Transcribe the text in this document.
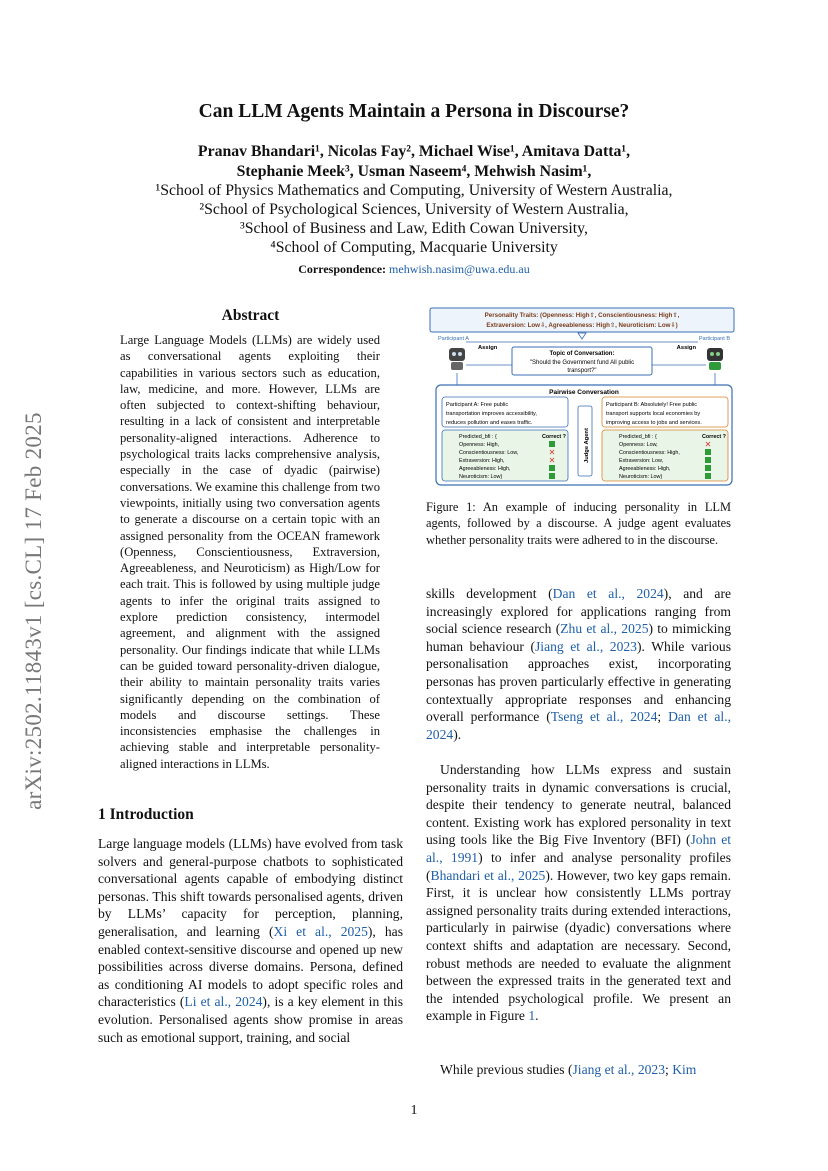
arXiv:2502.11843v1 [cs.CL] 17 Feb 2025
Can LLM Agents Maintain a Persona in Discourse?
Pranav Bhandari¹, Nicolas Fay², Michael Wise¹, Amitava Datta¹,
Stephanie Meek³, Usman Naseem⁴, Mehwish Nasim¹,
¹School of Physics Mathematics and Computing, University of Western Australia,
²School of Psychological Sciences, University of Western Australia,
³School of Business and Law, Edith Cowan University,
⁴School of Computing, Macquarie University
Correspondence: mehwish.nasim@uwa.edu.au
Abstract
Large Language Models (LLMs) are widely used as conversational agents exploiting their capabilities in various sectors such as education, law, medicine, and more. However, LLMs are often subjected to context-shifting behaviour, resulting in a lack of consistent and interpretable personality-aligned interactions. Adherence to psychological traits lacks comprehensive analysis, especially in the case of dyadic (pairwise) conversations. We examine this challenge from two viewpoints, initially using two conversation agents to generate a discourse on a certain topic with an assigned personality from the OCEAN framework (Openness, Conscientiousness, Extraversion, Agreeableness, and Neuroticism) as High/Low for each trait. This is followed by using multiple judge agents to infer the original traits assigned to explore prediction consistency, intermodel agreement, and alignment with the assigned personality. Our findings indicate that while LLMs can be guided toward personality-driven dialogue, their ability to maintain personality traits varies significantly depending on the combination of models and discourse settings. These inconsistencies emphasise the challenges in achieving stable and interpretable personality-aligned interactions in LLMs.
1 Introduction
Large language models (LLMs) have evolved from task solvers and general-purpose chatbots to sophisticated conversational agents capable of embodying distinct personas. This shift towards personalised agents, driven by LLMs’ capacity for perception, planning, generalisation, and learning (Xi et al., 2025), has enabled context-sensitive discourse and opened up new possibilities across diverse domains. Persona, defined as conditioning AI models to adopt specific roles and characteristics (Li et al., 2024), is a key element in this evolution. Personalised agents show promise in areas such as emotional support, training, and social
Personality Traits: (Openness: High⇧, Conscientiousness: High⇧,
Extraversion: Low⇩, Agreeableness: High⇧, Neuroticism: Low⇩)
Participant A	Participant B
Assign	Assign
Topic of Conversation:
"Should the Government fund All public
transport?"
Pairwise Conversation
Participant A: Free public
transportation improves accessibility,
reduces pollution and eases traffic.
Participant B: Absolutely! Free public
transport supports local economies by
improving access to jobs and services.
Judge Agent
Predicted_bfi : {
Openness: High,
Conscientiousness: Low,
Extraversion: High,
Agreeableness: High,
Neuroticism: Low}
Correct ?
✕
✕
Predicted_bfi : {
Openness: Low,
Conscientiousness: High,
Extraversion: Low,
Agreeableness: High,
Neuroticism: Low}
Correct ?
✕
Figure 1: An example of inducing personality in LLM agents, followed by a discourse. A judge agent evaluates whether personality traits were adhered to in the discourse.
skills development (Dan et al., 2024), and are increasingly explored for applications ranging from social science research (Zhu et al., 2025) to mimicking human behaviour (Jiang et al., 2023). While various personalisation approaches exist, incorporating personas has proven particularly effective in generating contextually appropriate responses and enhancing overall performance (Tseng et al., 2024; Dan et al., 2024).
Understanding how LLMs express and sustain personality traits in dynamic conversations is crucial, despite their tendency to generate neutral, balanced content. Existing work has explored personality in text using tools like the Big Five Inventory (BFI) (John et al., 1991) to infer and analyse personality profiles (Bhandari et al., 2025). However, two key gaps remain. First, it is unclear how consistently LLMs portray assigned personality traits during extended interactions, particularly in pairwise (dyadic) conversations where context shifts and adaptation are necessary. Second, robust methods are needed to evaluate the alignment between the expressed traits in the generated text and the intended psychological profile. We present an example in Figure 1.
While previous studies (Jiang et al., 2023; Kim
1
